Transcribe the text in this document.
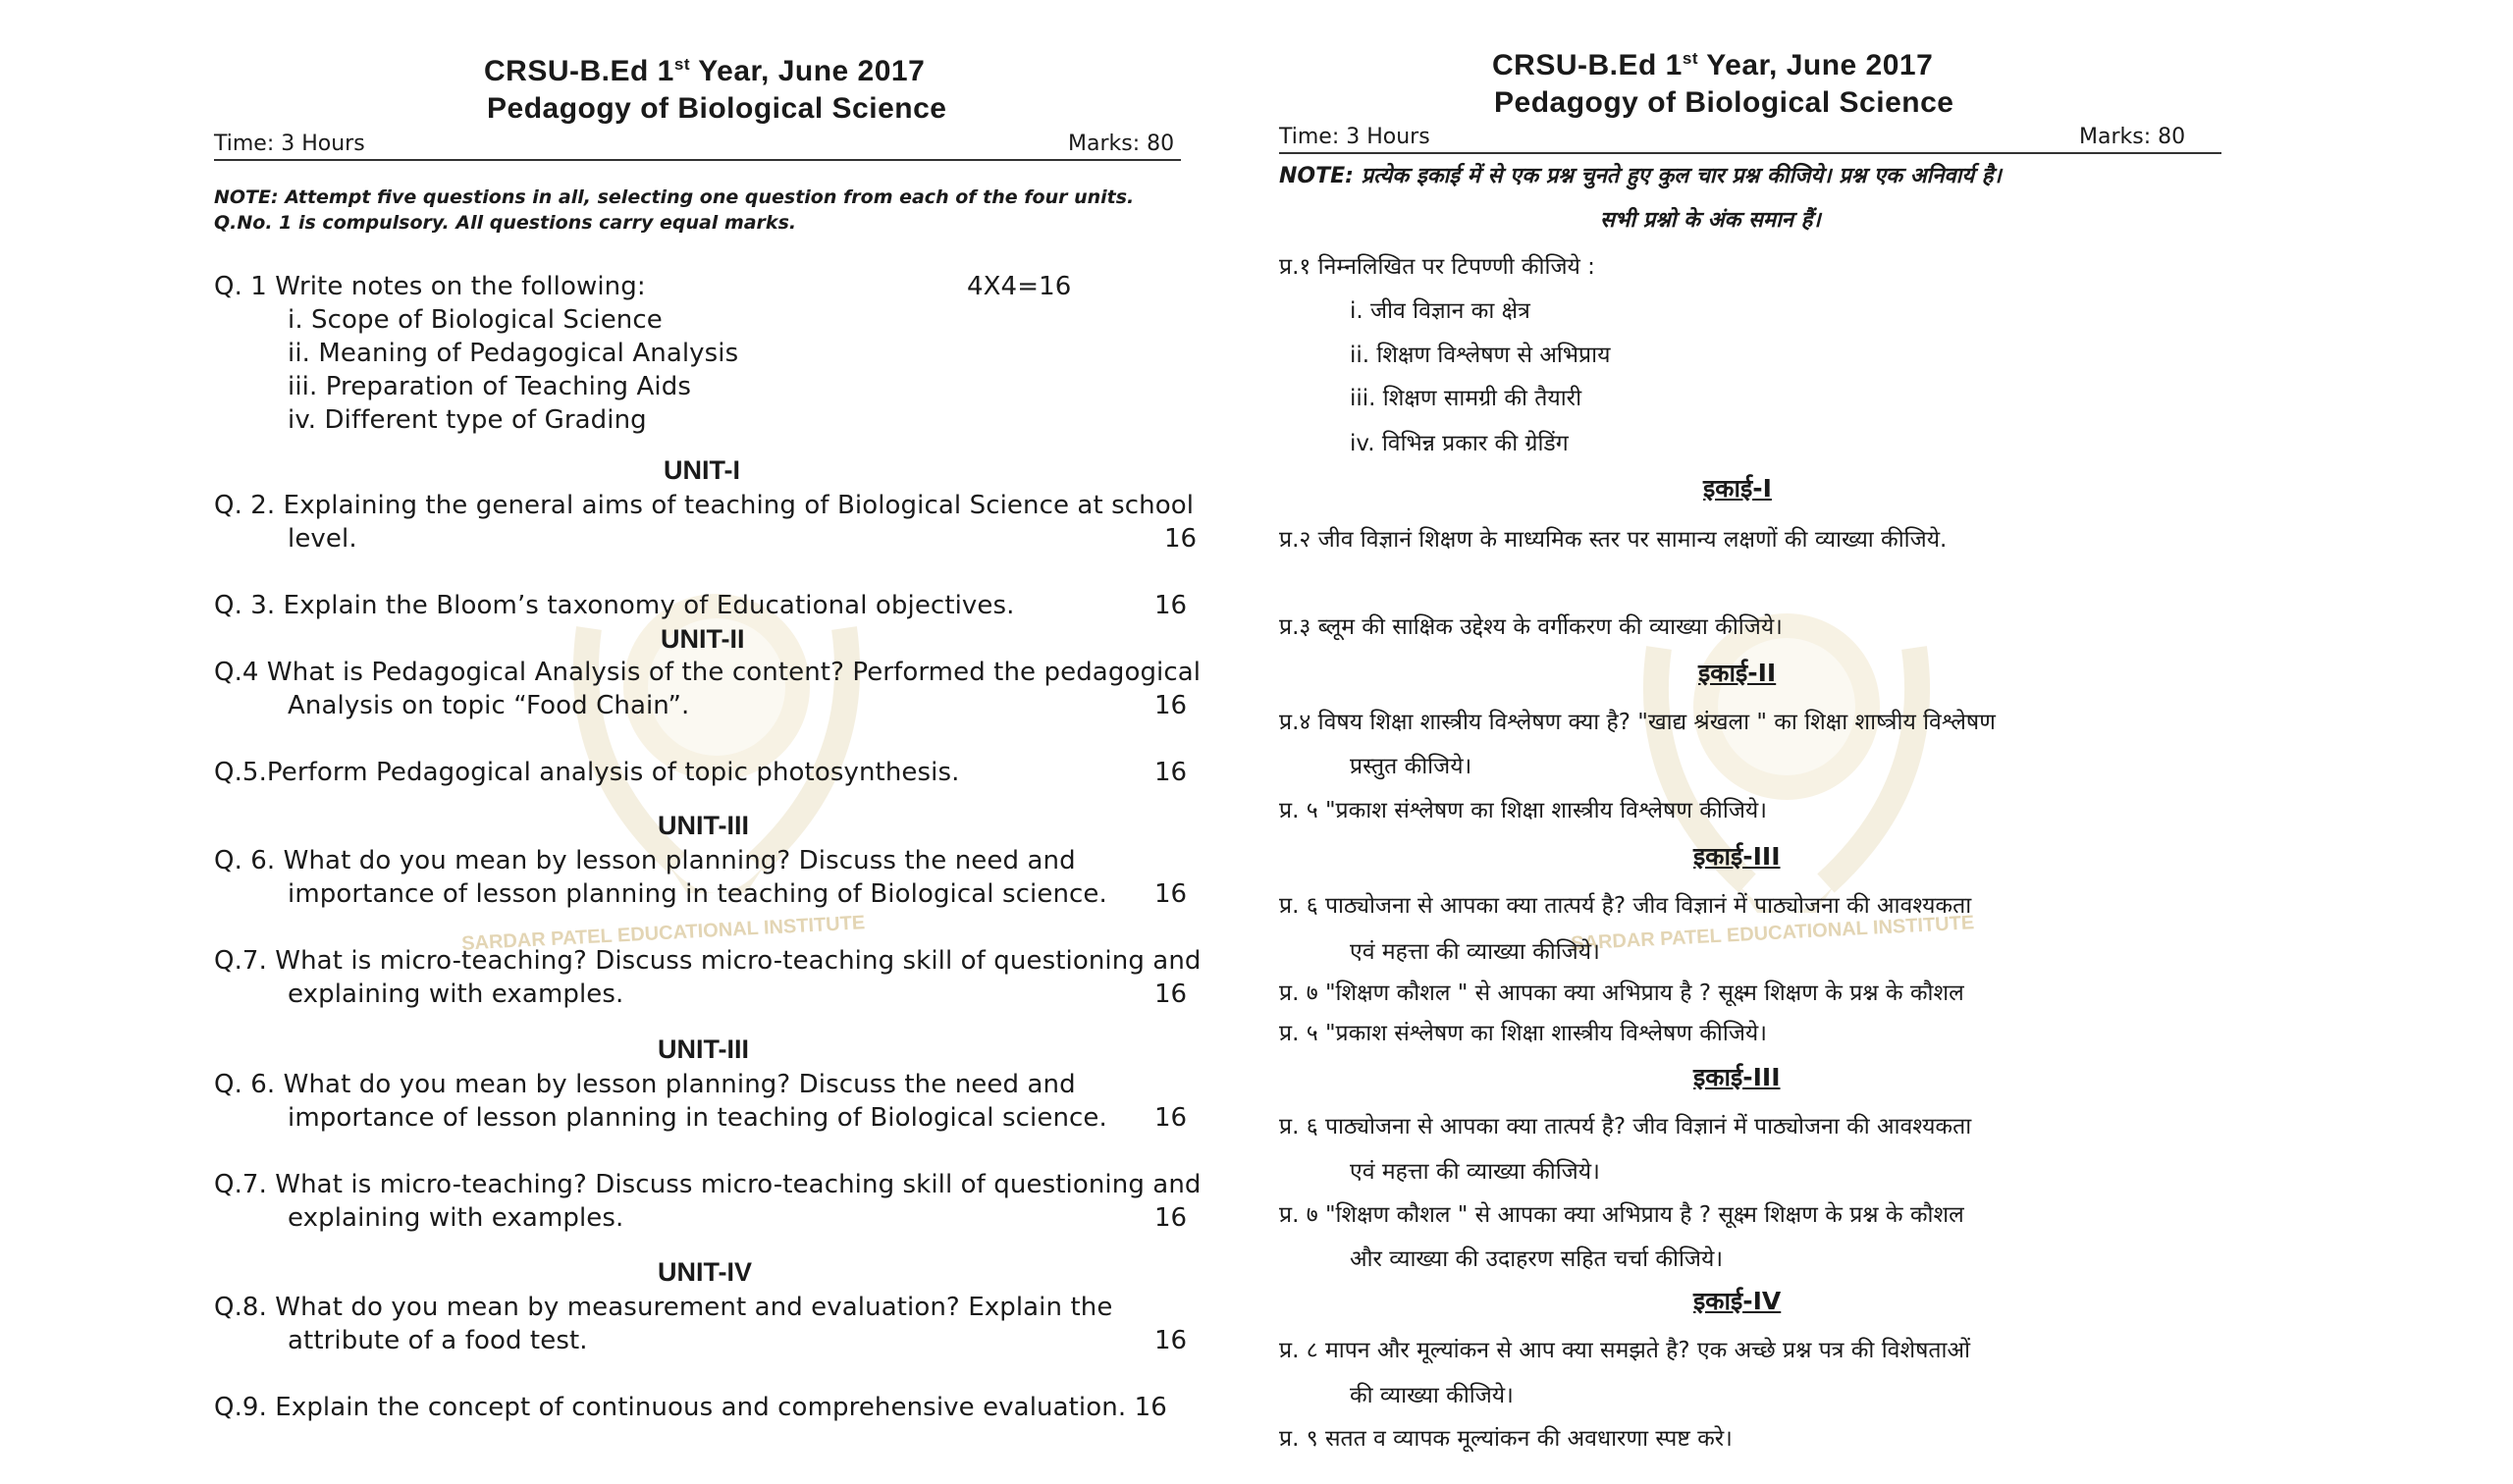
SARDAR PATEL EDUCATIONAL INSTITUTE
CRSU-B.Ed 1st Year, June 2017
Pedagogy of Biological Science
Time: 3 Hours	Marks: 80
NOTE: Attempt five questions in all, selecting one question from each of the four units.
Q.No. 1 is compulsory. All questions carry equal marks.
Q. 1 Write notes on the following:	4X4=16
i. Scope of Biological Science
ii. Meaning of Pedagogical Analysis
iii. Preparation of Teaching Aids
iv. Different type of Grading
UNIT-I
Q. 2. Explaining the general aims of teaching of Biological Science at school
level.	16
Q. 3. Explain the Bloom’s taxonomy of Educational objectives.	16
UNIT-II
Q.4 What is Pedagogical Analysis of the content? Performed the pedagogical
Analysis on topic “Food Chain”.	16
Q.5.Perform Pedagogical analysis of topic photosynthesis.	16
UNIT-III
Q. 6. What do you mean by lesson planning? Discuss the need and
importance of lesson planning in teaching of Biological science. 16
Q.7. What is micro-teaching? Discuss micro-teaching skill of questioning and
explaining with examples.	16
UNIT-III
Q. 6. What do you mean by lesson planning? Discuss the need and
importance of lesson planning in teaching of Biological science. 16
Q.7. What is micro-teaching? Discuss micro-teaching skill of questioning and
explaining with examples.	16
UNIT-IV
Q.8. What do you mean by measurement and evaluation? Explain the
attribute of a food test.	16
Q.9. Explain the concept of continuous and comprehensive evaluation. 16
SARDAR PATEL EDUCATIONAL INSTITUTE
CRSU-B.Ed 1st Year, June 2017
Pedagogy of Biological Science
Time: 3 Hours	Marks: 80
NOTE: प्रत्येक इकाई में से एक प्रश्न चुनते हुए कुल चार प्रश्न कीजिये। प्रश्न एक अनिवार्य है।
सभी प्रश्नो के अंक समान हैं।
प्र.१ निम्नलिखित पर टिपण्णी कीजिये :
i. जीव विज्ञान का क्षेत्र
ii. शिक्षण विश्लेषण से अभिप्राय
iii. शिक्षण सामग्री की तैयारी
iv. विभिन्न प्रकार की ग्रेडिंग
इकाई-I
प्र.२ जीव विज्ञानं शिक्षण के माध्यमिक स्तर पर सामान्य लक्षणों की व्याख्या कीजिये.
प्र.३ ब्लूम की साक्षिक उद्देश्य के वर्गीकरण की व्याख्या कीजिये।
इकाई-II
प्र.४ विषय शिक्षा शास्त्रीय विश्लेषण क्या है? "खाद्य श्रंखला " का शिक्षा शाष्त्रीय विश्लेषण
प्रस्तुत कीजिये।
प्र. ५ "प्रकाश संश्लेषण का शिक्षा शास्त्रीय विश्लेषण कीजिये।
इकाई-III
प्र. ६ पाठ्योजना से आपका क्या तात्पर्य है? जीव विज्ञानं में पाठ्योजना की आवश्यकता
एवं महत्ता की व्याख्या कीजिये।
प्र. ७ "शिक्षण कौशल " से आपका क्या अभिप्राय है ? सूक्ष्म शिक्षण के प्रश्न के कौशल
प्र. ५ "प्रकाश संश्लेषण का शिक्षा शास्त्रीय विश्लेषण कीजिये।
इकाई-III
प्र. ६ पाठ्योजना से आपका क्या तात्पर्य है? जीव विज्ञानं में पाठ्योजना की आवश्यकता
एवं महत्ता की व्याख्या कीजिये।
प्र. ७ "शिक्षण कौशल " से आपका क्या अभिप्राय है ? सूक्ष्म शिक्षण के प्रश्न के कौशल
और व्याख्या की उदाहरण सहित चर्चा कीजिये।
इकाई-IV
प्र. ८ मापन और मूल्यांकन से आप क्या समझते है? एक अच्छे प्रश्न पत्र की विशेषताओं
की व्याख्या कीजिये।
प्र. ९ सतत व व्यापक मूल्यांकन की अवधारणा स्पष्ट करे।
